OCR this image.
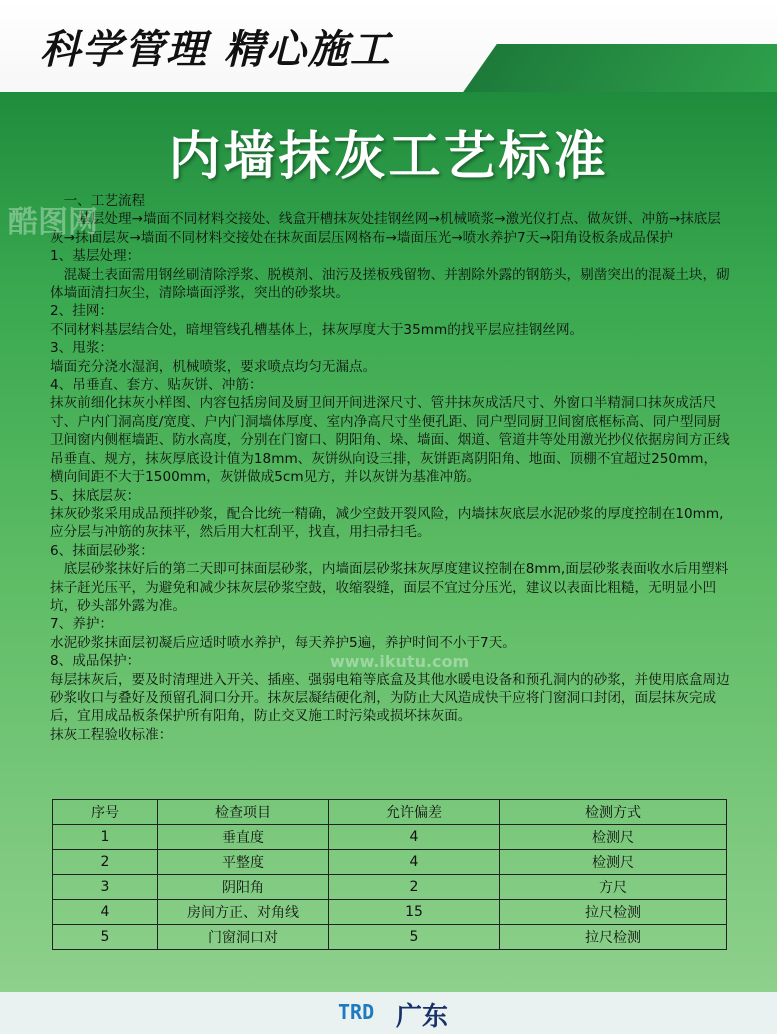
科学管理 精心施工
内墙抹灰工艺标准

一、工艺流程

基层处理→墙面不同材料交接处、线盒开槽抹灰处挂钢丝网→机械喷浆→激光仪打点、做灰饼、冲筋→抹底层灰→抹面层灰→墙面不同材料交接处在抹灰面层压网格布→墙面压光→喷水养护7天→阳角设板条成品保护

1、基层处理：

混凝土表面需用钢丝刷清除浮浆、脱模剂、油污及搓板残留物、并割除外露的钢筋头，剔凿突出的混凝土块，砌体墙面清扫灰尘，清除墙面浮浆，突出的砂浆块。

2、挂网：

不同材料基层结合处，暗埋管线孔槽基体上，抹灰厚度大于35mm的找平层应挂钢丝网。

3、甩浆：

墙面充分浇水湿润，机械喷浆，要求喷点均匀无漏点。

4、吊垂直、套方、贴灰饼、冲筋：

抹灰前细化抹灰小样图、内容包括房间及厨卫间开间进深尺寸、管井抹灰成活尺寸、外窗口半精洞口抹灰成活尺寸、户内门洞高度/宽度、户内门洞墙体厚度、室内净高尺寸坐便孔距、同户型同厨卫间窗底框标高、同户型同厨卫间窗内侧框墙距、防水高度，分别在门窗口、阴阳角、垛、墙面、烟道、管道井等处用激光抄仪依据房间方正线吊垂直、规方，抹灰厚底设计值为18mm、灰饼纵向设三排，灰饼距离阴阳角、地面、顶棚不宜超过250mm，横向间距不大于1500mm，灰饼做成5cm见方，并以灰饼为基准冲筋。

5、抹底层灰：

抹灰砂浆采用成品预拌砂浆，配合比统一精确，减少空鼓开裂风险，内墙抹灰底层水泥砂浆的厚度控制在10mm,应分层与冲筋的灰抹平，然后用大杠刮平，找直，用扫帚扫毛。

6、抹面层砂浆：

底层砂浆抹好后的第二天即可抹面层砂浆，内墙面层砂浆抹灰厚度建议控制在8mm,面层砂浆表面收水后用塑料抹子赶光压平，为避免和减少抹灰层砂浆空鼓，收缩裂缝，面层不宜过分压光，建议以表面比粗糙，无明显小凹坑，砂头部外露为准。

7、养护：

水泥砂浆抹面层初凝后应适时喷水养护，每天养护5遍，养护时间不小于7天。

8、成品保护：

每层抹灰后，要及时清理进入开关、插座、强弱电箱等底盒及其他水暖电设备和预孔洞内的砂浆，并使用底盒周边砂浆收口与叠好及预留孔洞口分开。抹灰层凝结硬化剂，为防止大风造成快干应将门窗洞口封闭，面层抹灰完成后，宜用成品板条保护所有阳角，防止交叉施工时污染或损坏抹灰面。

抹灰工程验收标准：

序号	检查项目	允许偏差	检测方式
1	垂直度	4	检测尺
2	平整度	4	检测尺
3	阴阳角	2	方尺
4	房间方正、对角线	15	拉尺检测
5	门窗洞口对	5	拉尺检测
酷图网
www.ikutu.com
TRD 广东
